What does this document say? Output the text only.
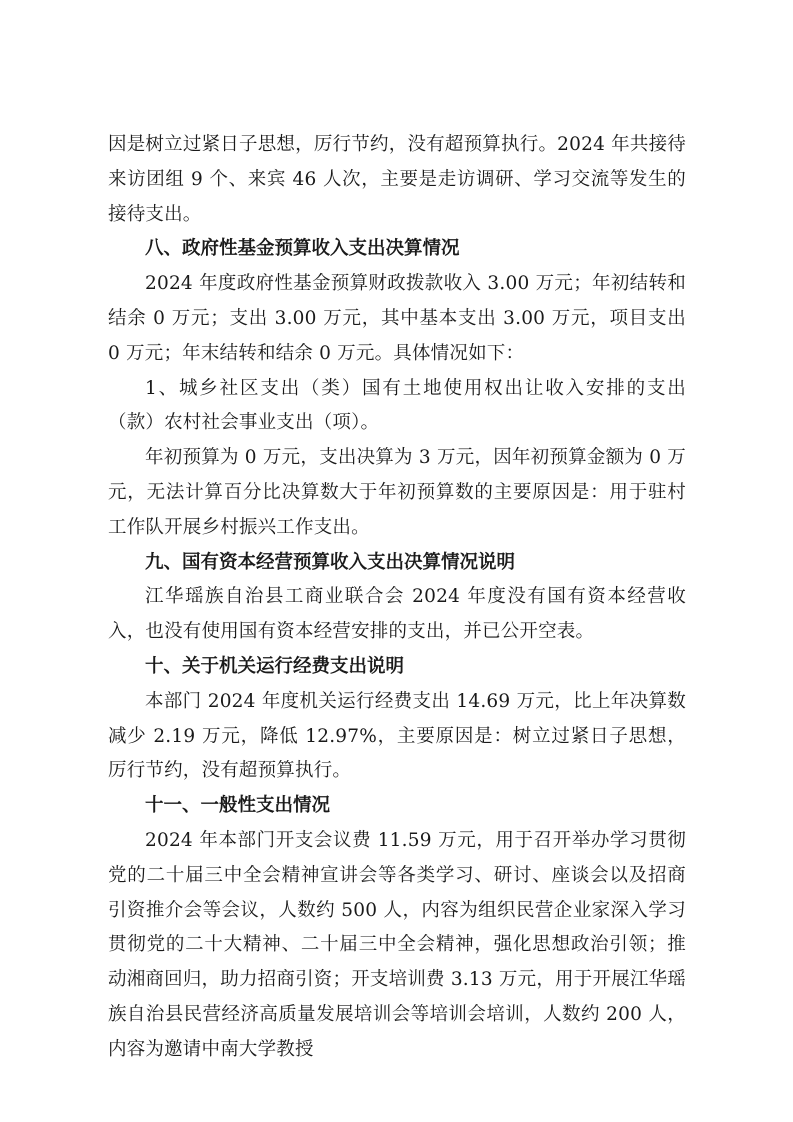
因是树立过紧日子思想，厉行节约，没有超预算执行。2024 年共接待来访团组 9 个、来宾 46 人次，主要是走访调研、学习交流等发生的接待支出。

八、政府性基金预算收入支出决算情况

2024 年度政府性基金预算财政拨款收入 3.00 万元；年初结转和结余 0 万元；支出 3.00 万元，其中基本支出 3.00 万元，项目支出 0 万元；年末结转和结余 0 万元。具体情况如下：

1、城乡社区支出（类）国有土地使用权出让收入安排的支出（款）农村社会事业支出（项）。

年初预算为 0 万元，支出决算为 3 万元，因年初预算金额为 0 万元，无法计算百分比决算数大于年初预算数的主要原因是：用于驻村工作队开展乡村振兴工作支出。

九、国有资本经营预算收入支出决算情况说明

江华瑶族自治县工商业联合会 2024 年度没有国有资本经营收入，也没有使用国有资本经营安排的支出，并已公开空表。

十、关于机关运行经费支出说明

本部门 2024 年度机关运行经费支出 14.69 万元，比上年决算数减少 2.19 万元，降低 12.97%，主要原因是：树立过紧日子思想，厉行节约，没有超预算执行。

十一、一般性支出情况

2024 年本部门开支会议费 11.59 万元，用于召开举办学习贯彻党的二十届三中全会精神宣讲会等各类学习、研讨、座谈会以及招商引资推介会等会议，人数约 500 人，内容为组织民营企业家深入学习贯彻党的二十大精神、二十届三中全会精神，强化思想政治引领；推动湘商回归，助力招商引资；开支培训费 3.13 万元，用于开展江华瑶族自治县民营经济高质量发展培训会等培训会培训，人数约 200 人，内容为邀请中南大学教授
